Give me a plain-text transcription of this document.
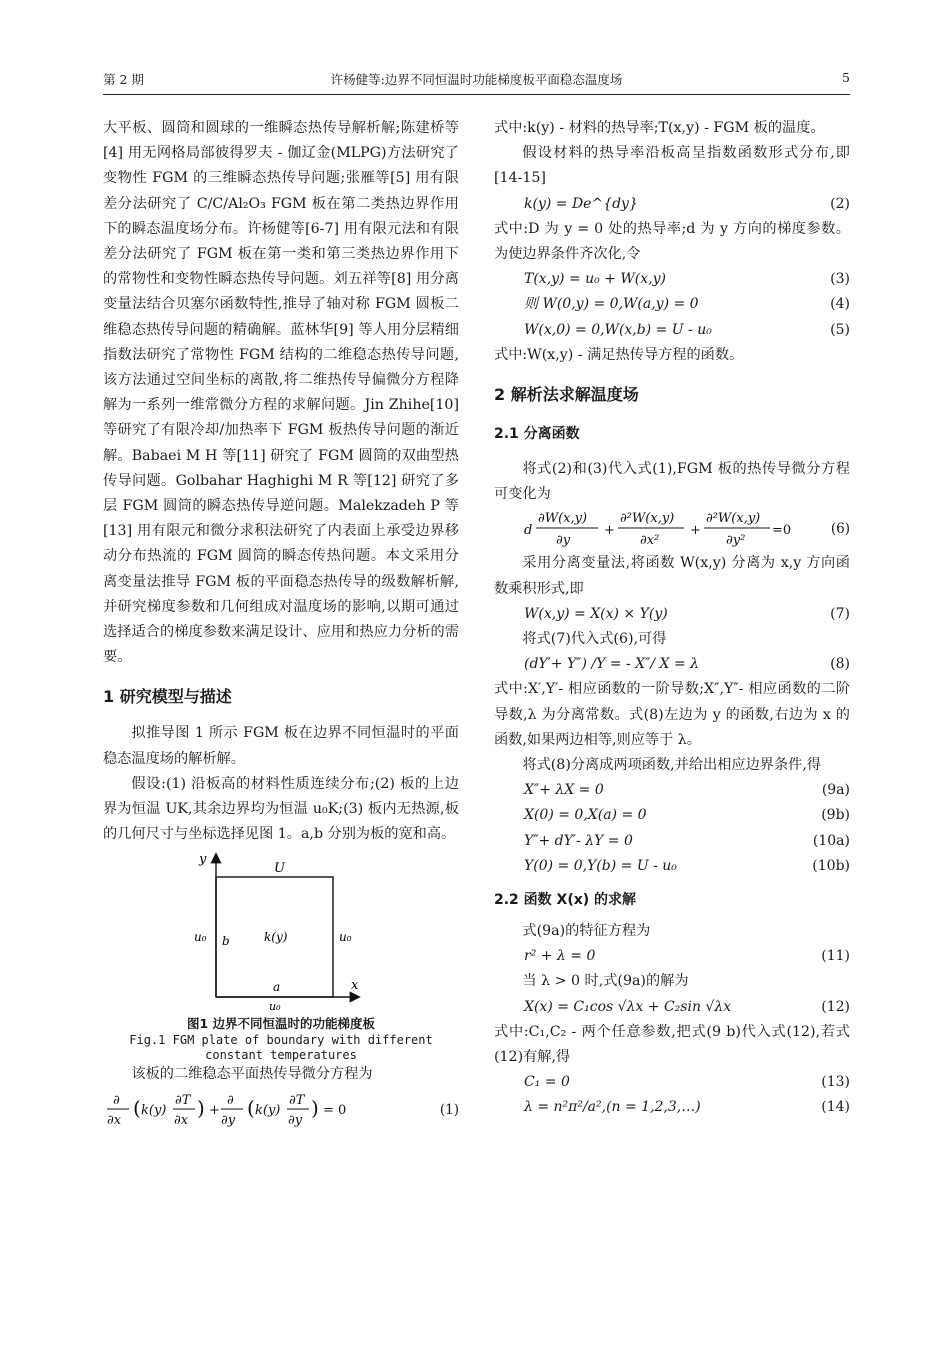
第 2 期	许杨健等:边界不同恒温时功能梯度板平面稳态温度场	5

大平板、圆筒和圆球的一维瞬态热传导解析解;陈建桥等[4] 用无网格局部彼得罗夫 - 伽辽金(MLPG)方法研究了变物性 FGM 的三维瞬态热传导问题;张雁等[5] 用有限差分法研究了 C/C/Al₂O₃ FGM 板在第二类热边界作用下的瞬态温度场分布。许杨健等[6-7] 用有限元法和有限差分法研究了 FGM 板在第一类和第三类热边界作用下的常物性和变物性瞬态热传导问题。刘五祥等[8] 用分离变量法结合贝塞尔函数特性,推导了轴对称 FGM 圆板二维稳态热传导问题的精确解。蓝林华[9] 等人用分层精细指数法研究了常物性 FGM 结构的二维稳态热传导问题,该方法通过空间坐标的离散,将二维热传导偏微分方程降解为一系列一维常微分方程的求解问题。Jin Zhihe[10] 等研究了有限冷却/加热率下 FGM 板热传导问题的渐近解。Babaei M H 等[11] 研究了 FGM 圆筒的双曲型热传导问题。Golbahar Haghighi M R 等[12] 研究了多层 FGM 圆筒的瞬态热传导逆问题。Malekzadeh P 等[13] 用有限元和微分求积法研究了内表面上承受边界移动分布热流的 FGM 圆筒的瞬态传热问题。本文采用分离变量法推导 FGM 板的平面稳态热传导的级数解析解,并研究梯度参数和几何组成对温度场的影响,以期可通过选择适合的梯度参数来满足设计、应用和热应力分析的需要。

1 研究模型与描述

拟推导图 1 所示 FGM 板在边界不同恒温时的平面稳态温度场的解析解。

假设:(1) 沿板高的材料性质连续分布;(2) 板的上边界为恒温 UK,其余边界均为恒温 u₀K;(3) 板内无热源,板的几何尺寸与坐标选择见图 1。a,b 分别为板的宽和高。

y
x
U
u₀	u₀
b	k(y)
a
u₀

图1 边界不同恒温时的功能梯度板

Fig.1 FGM plate of boundary with different

constant temperatures

该板的二维稳态平面热传导微分方程为

∂
∂x
( k(y)
∂T
∂x
) +
∂
∂y
( k(y)
∂T
∂y
) = 0	(1)

式中:k(y) - 材料的热导率;T(x,y) - FGM 板的温度。

假设材料的热导率沿板高呈指数函数形式分布,即[14-15]

k(y) = De^{dy}	(2)

式中:D 为 y = 0 处的热导率;d 为 y 方向的梯度参数。为使边界条件齐次化,令

T(x,y) = u₀ + W(x,y)	(3)
则 W(0,y) = 0,W(a,y) = 0	(4)
W(x,0) = 0,W(x,b) = U - u₀	(5)

式中:W(x,y) - 满足热传导方程的函数。

2 解析法求解温度场

2.1 分离函数

将式(2)和(3)代入式(1),FGM 板的热传导微分方程可变化为

d
∂W(x,y)
∂y
+
∂²W(x,y)
∂x²
+
∂²W(x,y)
∂y²
=0	(6)

采用分离变量法,将函数 W(x,y) 分离为 x,y 方向函数乘积形式,即

W(x,y) = X(x) × Y(y)	(7)

将式(7)代入式(6),可得

(dY′+ Y″) /Y = - X″/ X = λ	(8)

式中:X′,Y′- 相应函数的一阶导数;X″,Y″- 相应函数的二阶导数,λ 为分离常数。式(8)左边为 y 的函数,右边为 x 的函数,如果两边相等,则应等于 λ。

将式(8)分离成两项函数,并给出相应边界条件,得

X″+ λX = 0	(9a)
X(0) = 0,X(a) = 0	(9b)
Y″+ dY′- λY = 0	(10a)
Y(0) = 0,Y(b) = U - u₀	(10b)

2.2 函数 X(x) 的求解

式(9a)的特征方程为

r² + λ = 0	(11)

当 λ > 0 时,式(9a)的解为

X(x) = C₁cos √λx + C₂sin √λx	(12)

式中:C₁,C₂ - 两个任意参数,把式(9 b)代入式(12),若式(12)有解,得

C₁ = 0	(13)
λ = n²π²/a²,(n = 1,2,3,…)	(14)
